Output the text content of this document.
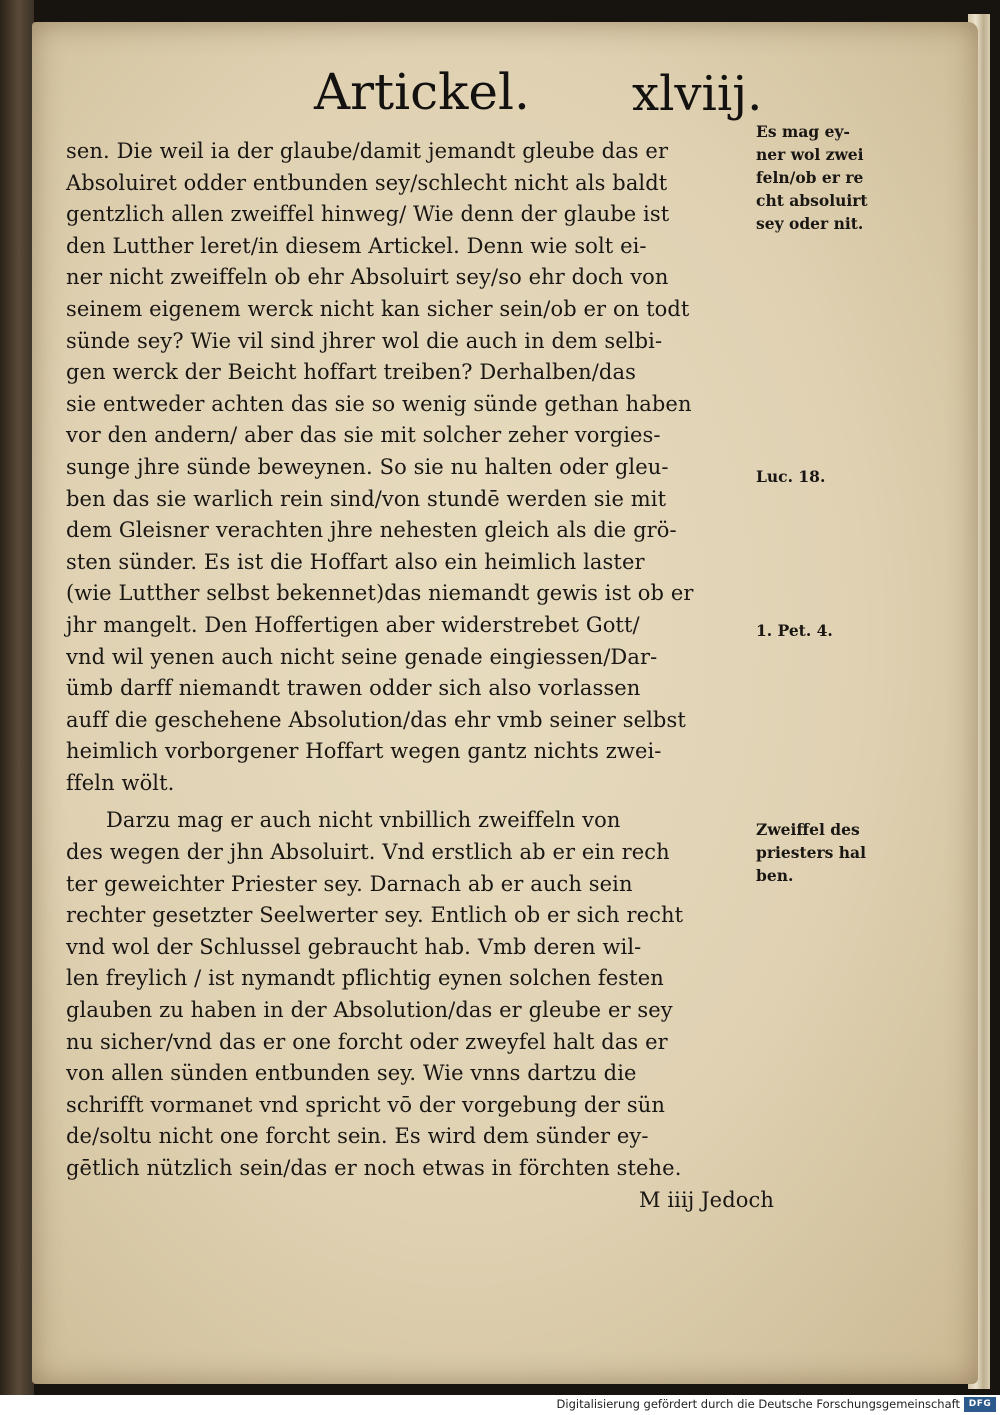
Artickel. xlviij.
sen. Die weil ia der glaube/damit jemandt gleube das er
Absoluiret odder entbunden sey/schlecht nicht als baldt
gentzlich allen zweiffel hinweg/ Wie denn der glaube ist
den Lutther leret/in diesem Artickel. Denn wie solt ei-
ner nicht zweiffeln ob ehr Absoluirt sey/so ehr doch von
seinem eigenem werck nicht kan sicher sein/ob er on todt
sünde sey? Wie vil sind jhrer wol die auch in dem selbi-
gen werck der Beicht hoffart treiben? Derhalben/das
sie entweder achten das sie so wenig sünde gethan haben
vor den andern/ aber das sie mit solcher zeher vorgies-
sunge jhre sünde beweynen. So sie nu halten oder gleu-
ben das sie warlich rein sind/von stundē werden sie mit
dem Gleisner verachten jhre nehesten gleich als die grö-
sten sünder. Es ist die Hoffart also ein heimlich laster
(wie Lutther selbst bekennet)das niemandt gewis ist ob er
jhr mangelt. Den Hoffertigen aber widerstrebet Gott/
vnd wil yenen auch nicht seine genade eingiessen/Dar-
ümb darff niemandt trawen odder sich also vorlassen
auff die geschehene Absolution/das ehr vmb seiner selbst
heimlich vorborgener Hoffart wegen gantz nichts zwei-
ffeln wölt.
Darzu mag er auch nicht vnbillich zweiffeln von
des wegen der jhn Absoluirt. Vnd erstlich ab er ein rech
ter geweichter Priester sey. Darnach ab er auch sein
rechter gesetzter Seelwerter sey. Entlich ob er sich recht
vnd wol der Schlussel gebraucht hab. Vmb deren wil-
len freylich / ist nymandt pflichtig eynen solchen festen
glauben zu haben in der Absolution/das er gleube er sey
nu sicher/vnd das er one forcht oder zweyfel halt das er
von allen sünden entbunden sey. Wie vnns dartzu die
schrifft vormanet vnd spricht vō der vorgebung der sün
de/soltu nicht one forcht sein. Es wird dem sünder ey-
gētlich nützlich sein/das er noch etwas in förchten stehe.
M iiij Jedoch
Es mag ey-
ner wol zwei
feln/ob er re
cht absoluirt
sey oder nit.
Luc. 18.
1. Pet. 4.
Zweiffel des
priesters hal
ben.
Digitalisierung gefördert durch die Deutsche Forschungsgemeinschaft DFG
